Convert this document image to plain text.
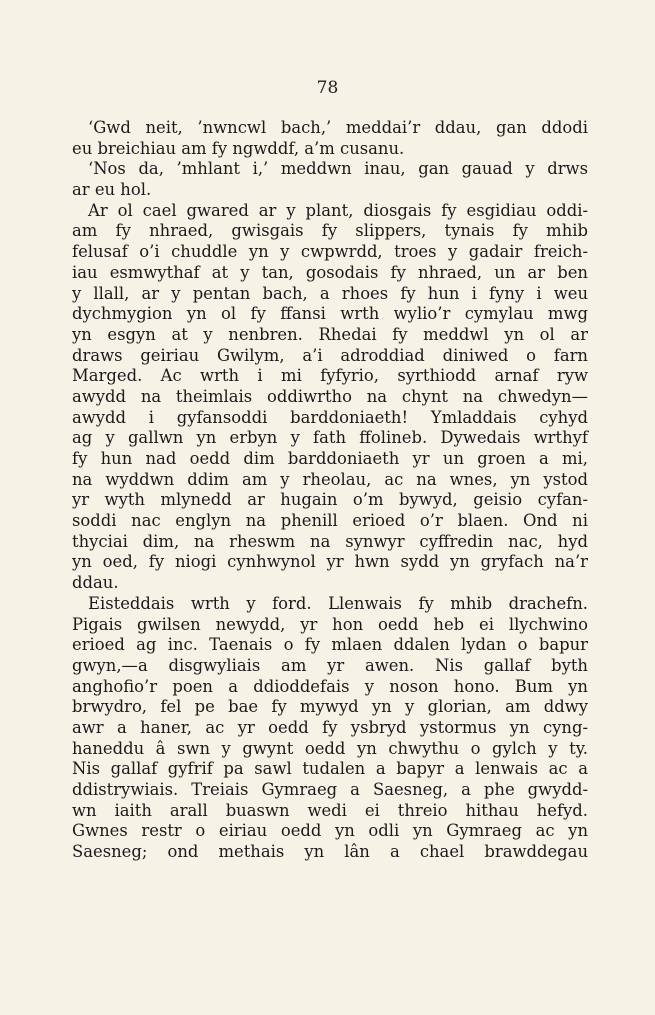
78
‘Gwd neit, ’nwncwl bach,’ meddai’r ddau, gan ddodi
eu breichiau am fy ngwddf, a’m cusanu.
‘Nos da, ’mhlant i,’ meddwn inau, gan gauad y drws
ar eu hol.
Ar ol cael gwared ar y plant, diosgais fy esgidiau oddi-
am fy nhraed, gwisgais fy slippers, tynais fy mhib
felusaf o’i chuddle yn y cwpwrdd, troes y gadair freich-
iau esmwythaf at y tan, gosodais fy nhraed, un ar ben
y llall, ar y pentan bach, a rhoes fy hun i fyny i weu
dychmygion yn ol fy ffansi wrth wylio’r cymylau mwg
yn esgyn at y nenbren. Rhedai fy meddwl yn ol ar
draws geiriau Gwilym, a’i adroddiad diniwed o farn
Marged. Ac wrth i mi fyfyrio, syrthiodd arnaf ryw
awydd na theimlais oddiwrtho na chynt na chwedyn—
awydd i gyfansoddi barddoniaeth! Ymladdais cyhyd
ag y gallwn yn erbyn y fath ffolineb. Dywedais wrthyf
fy hun nad oedd dim barddoniaeth yr un groen a mi,
na wyddwn ddim am y rheolau, ac na wnes, yn ystod
yr wyth mlynedd ar hugain o’m bywyd, geisio cyfan-
soddi nac englyn na phenill erioed o’r blaen. Ond ni
thyciai dim, na rheswm na synwyr cyffredin nac, hyd
yn oed, fy niogi cynhwynol yr hwn sydd yn gryfach na’r
ddau.
Eisteddais wrth y ford. Llenwais fy mhib drachefn.
Pigais gwilsen newydd, yr hon oedd heb ei llychwino
erioed ag inc. Taenais o fy mlaen ddalen lydan o bapur
gwyn,—a disgwyliais am yr awen. Nis gallaf byth
anghofio’r poen a ddioddefais y noson hono. Bum yn
brwydro, fel pe bae fy mywyd yn y glorian, am ddwy
awr a haner, ac yr oedd fy ysbryd ystormus yn cyng-
haneddu â swn y gwynt oedd yn chwythu o gylch y ty.
Nis gallaf gyfrif pa sawl tudalen a bapyr a lenwais ac a
ddistrywiais. Treiais Gymraeg a Saesneg, a phe gwydd-
wn iaith arall buaswn wedi ei threio hithau hefyd.
Gwnes restr o eiriau oedd yn odli yn Gymraeg ac yn
Saesneg; ond methais yn lân a chael brawddegau
